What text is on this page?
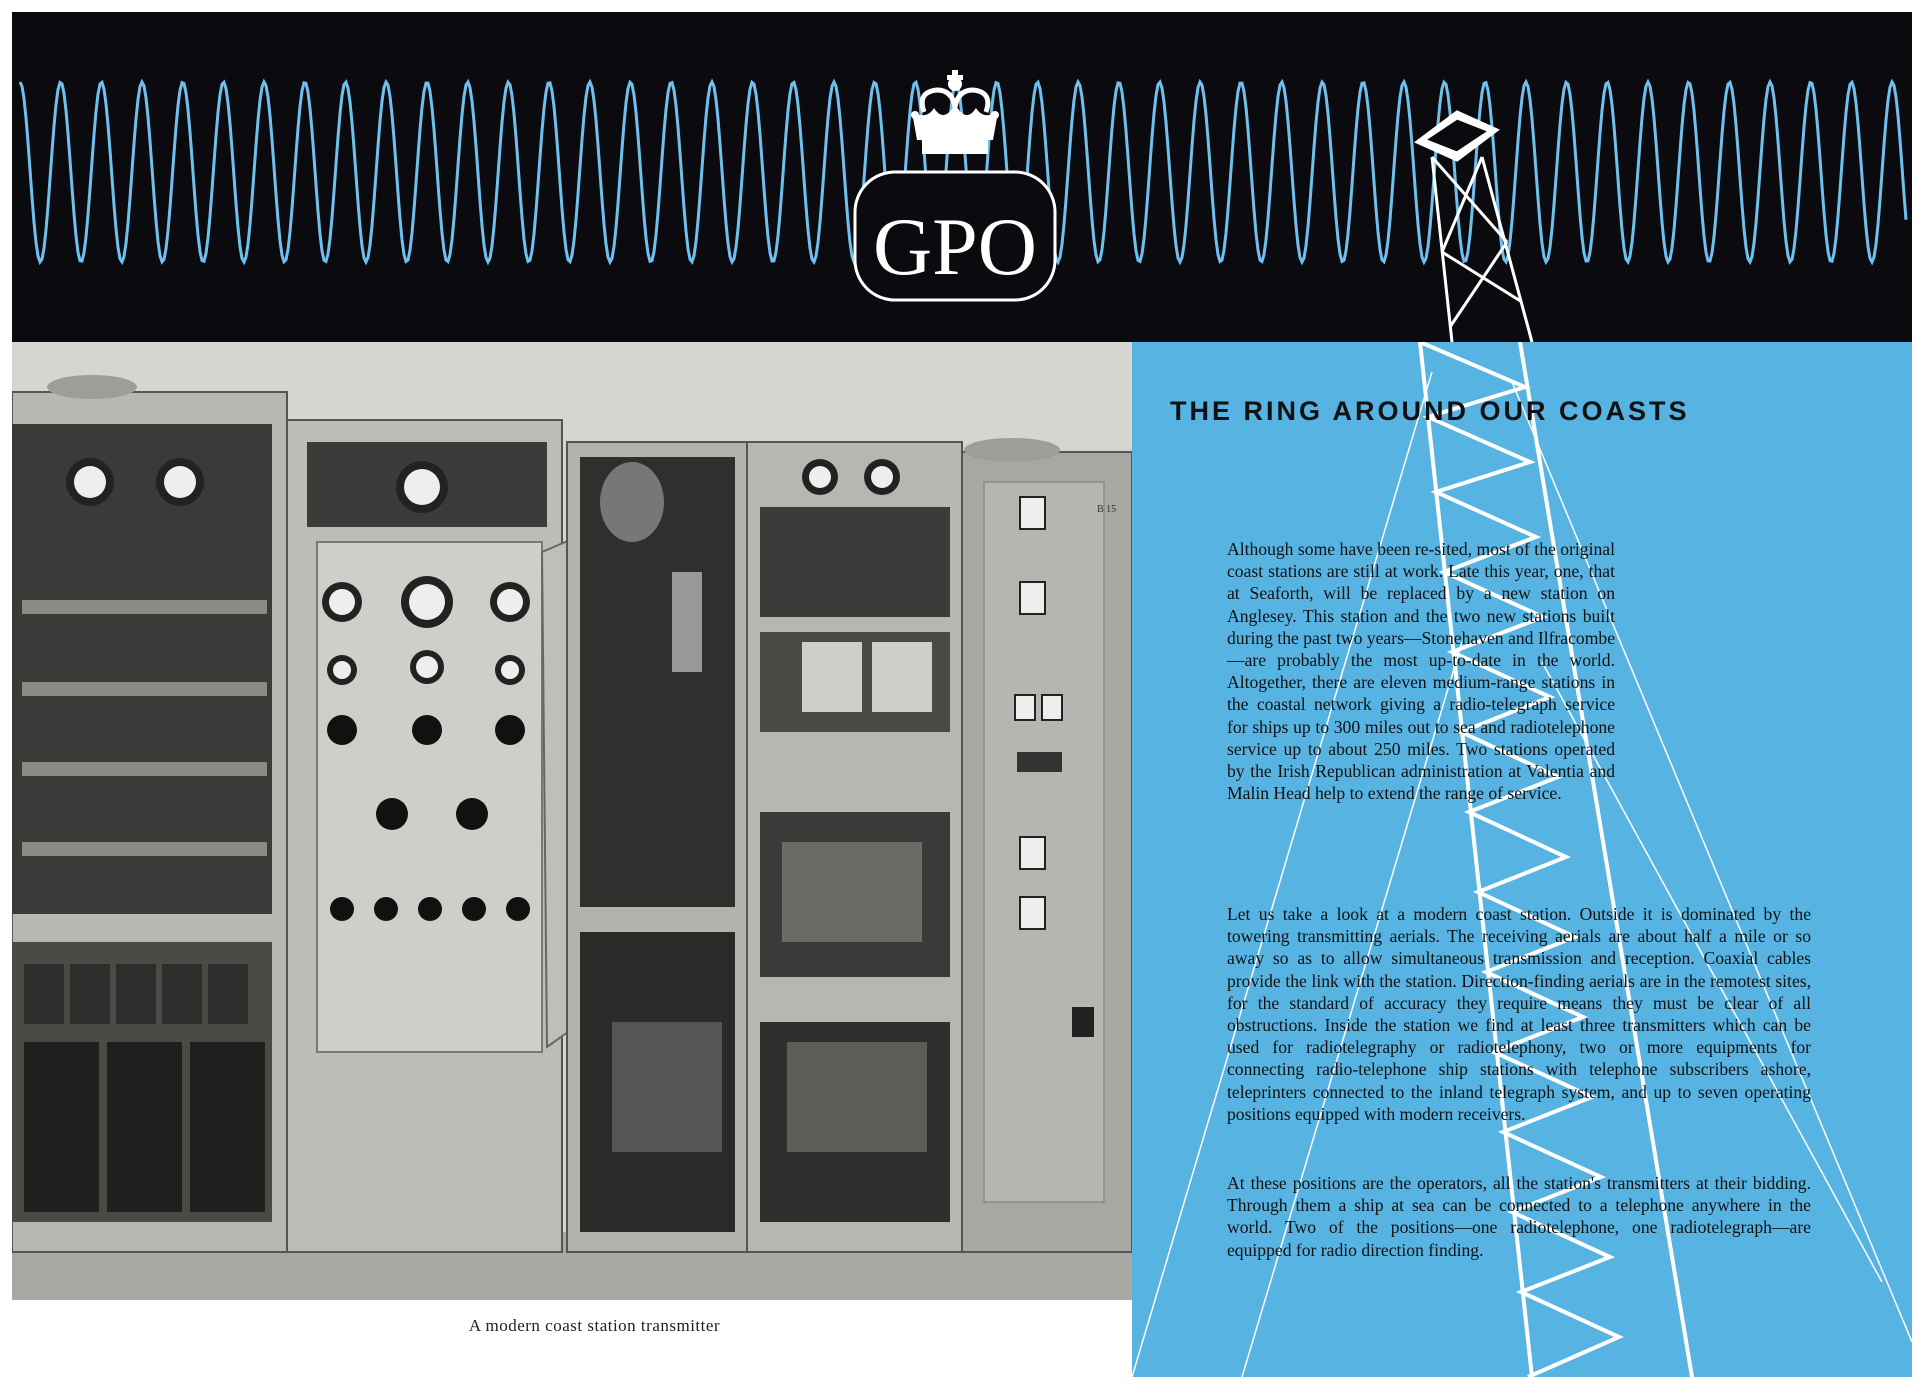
GPO
B 15
A modern coast station transmitter
THE RING AROUND OUR COASTS
Although some have been re-sited, most of the original coast stations are still at work. Late this year, one, that at Seaforth, will be replaced by a new station on Anglesey. This station and the two new stations built during the past two years—Stonehaven and Ilfracombe—are probably the most up-to-date in the world. Altogether, there are eleven medium-range stations in the coastal network giving a radio-telegraph service for ships up to 300 miles out to sea and radiotelephone service up to about 250 miles. Two stations operated by the Irish Republican administration at Valentia and Malin Head help to extend the range of service.
Let us take a look at a modern coast station. Outside it is dominated by the towering transmitting aerials. The receiving aerials are about half a mile or so away so as to allow simultaneous transmission and reception. Coaxial cables provide the link with the station. Direction-finding aerials are in the remotest sites, for the standard of accuracy they require means they must be clear of all obstructions. Inside the station we find at least three transmitters which can be used for radiotelegraphy or radiotelephony, two or more equipments for connecting radio-telephone ship stations with telephone subscribers ashore, teleprinters connected to the inland telegraph system, and up to seven operating positions equipped with modern receivers.
At these positions are the operators, all the station's transmitters at their bidding. Through them a ship at sea can be connected to a telephone anywhere in the world. Two of the positions—one radiotelephone, one radiotelegraph—are equipped for radio direction finding.
